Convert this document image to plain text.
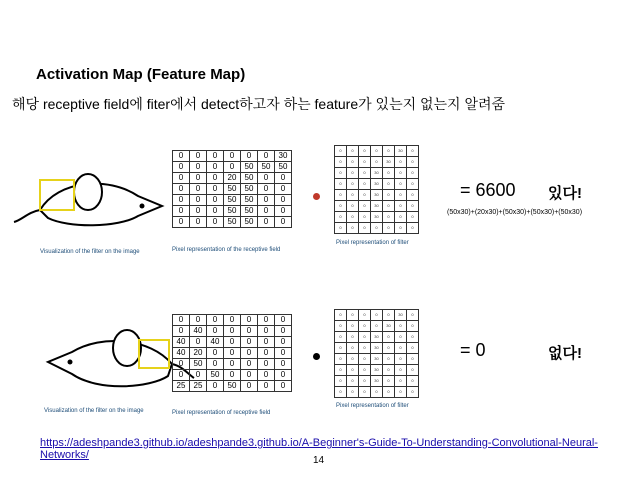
Activation Map (Feature Map)
해당 receptive field에 fiter에서 detect하고자 하는 feature가 있는지 없는지 알려줌
Visualization of the filter on the image
0	0	0	0	0	0	30
0	0	0	0	50	50	50
0	0	0	20	50	0	0
0	0	0	50	50	0	0
0	0	0	50	50	0	0
0	0	0	50	50	0	0
0	0	0	50	50	0	0
Pixel representation of the receptive field
0	0	0	0	0	30	0
0	0	0	0	30	0	0
0	0	0	30	0	0	0
0	0	0	30	0	0	0
0	0	0	30	0	0	0
0	0	0	30	0	0	0
0	0	0	30	0	0	0
0	0	0	0	0	0	0
Pixel representation of filter
= 6600 있다!
(50x30)+(20x30)+(50x30)+(50x30)+(50x30)
Visualization of the filter on the image
0	0	0	0	0	0	0
0	40	0	0	0	0	0
40	0	40	0	0	0	0
40	20	0	0	0	0	0
0	50	0	0	0	0	0
0	0	50	0	0	0	0
25	25	0	50	0	0	0
Pixel representation of receptive field
0	0	0	0	0	30	0
0	0	0	0	30	0	0
0	0	0	30	0	0	0
0	0	0	30	0	0	0
0	0	0	30	0	0	0
0	0	0	30	0	0	0
0	0	0	30	0	0	0
0	0	0	0	0	0	0
Pixel representation of filter
= 0	없다!
https://adeshpande3.github.io/adeshpande3.github.io/A-Beginner's-Guide-To-Understanding-Convolutional-Neural-Networks/	14
